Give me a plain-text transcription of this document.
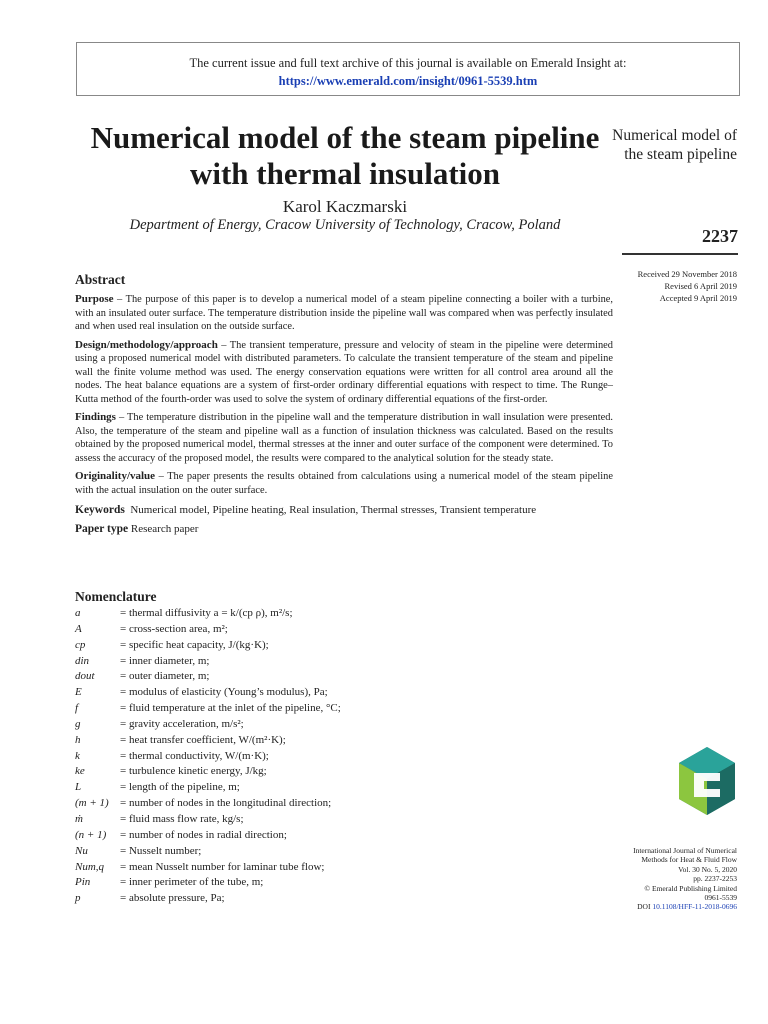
The current issue and full text archive of this journal is available on Emerald Insight at:
https://www.emerald.com/insight/0961-5539.htm
Numerical model of the steam pipeline with thermal insulation
Karol Kaczmarski
Department of Energy, Cracow University of Technology, Cracow, Poland
Numerical model of the steam pipeline
2237
Received 29 November 2018
Revised 6 April 2019
Accepted 9 April 2019
Abstract

Purpose – The purpose of this paper is to develop a numerical model of a steam pipeline connecting a boiler with a turbine, with an insulated outer surface. The temperature distribution inside the pipeline wall was compared when was perfectly insulated and when used real insulation on the outside surface.

Design/methodology/approach – The transient temperature, pressure and velocity of steam in the pipeline were determined using a proposed numerical model with distributed parameters. To calculate the transient temperature of the steam and pipeline wall the finite volume method was used. The energy conservation equations were written for all control area around all the nodes. The heat balance equations are a system of first-order ordinary differential equations with respect to time. The Runge–Kutta method of the fourth-order was used to solve the system of ordinary differential equations of the first-order.

Findings – The temperature distribution in the pipeline wall and the temperature distribution in wall insulation were presented. Also, the temperature of the steam and pipeline wall as a function of insulation thickness was calculated. Based on the results obtained by the proposed numerical model, thermal stresses at the inner and outer surface of the component were determined. To assess the accuracy of the proposed model, the results were compared to the analytical solution for the steady state.

Originality/value – The paper presents the results obtained from calculations using a numerical model of the steam pipeline with the actual insulation on the outer surface.

Keywords Numerical model, Pipeline heating, Real insulation, Thermal stresses, Transient temperature
Paper type Research paper
Nomenclature
a	= thermal diffusivity a = k/(cp ρ), m²/s;
A	= cross-section area, m²;
cp	= specific heat capacity, J/(kg·K);
din	= inner diameter, m;
dout = outer diameter, m;
E	= modulus of elasticity (Young’s modulus), Pa;
f	= fluid temperature at the inlet of the pipeline, °C;
g	= gravity acceleration, m/s²;
h	= heat transfer coefficient, W/(m²·K);
k	= thermal conductivity, W/(m·K);
ke	= turbulence kinetic energy, J/kg;
L	= length of the pipeline, m;
(m + 1) = number of nodes in the longitudinal direction;
ṁ	= fluid mass flow rate, kg/s;
(n + 1) = number of nodes in radial direction;
Nu	= Nusselt number;
Num,q = mean Nusselt number for laminar tube flow;
Pin	= inner perimeter of the tube, m;
p	= absolute pressure, Pa;
International Journal of Numerical
Methods for Heat & Fluid Flow
Vol. 30 No. 5, 2020
pp. 2237-2253
© Emerald Publishing Limited
0961-5539
DOI 10.1108/HFF-11-2018-0696
